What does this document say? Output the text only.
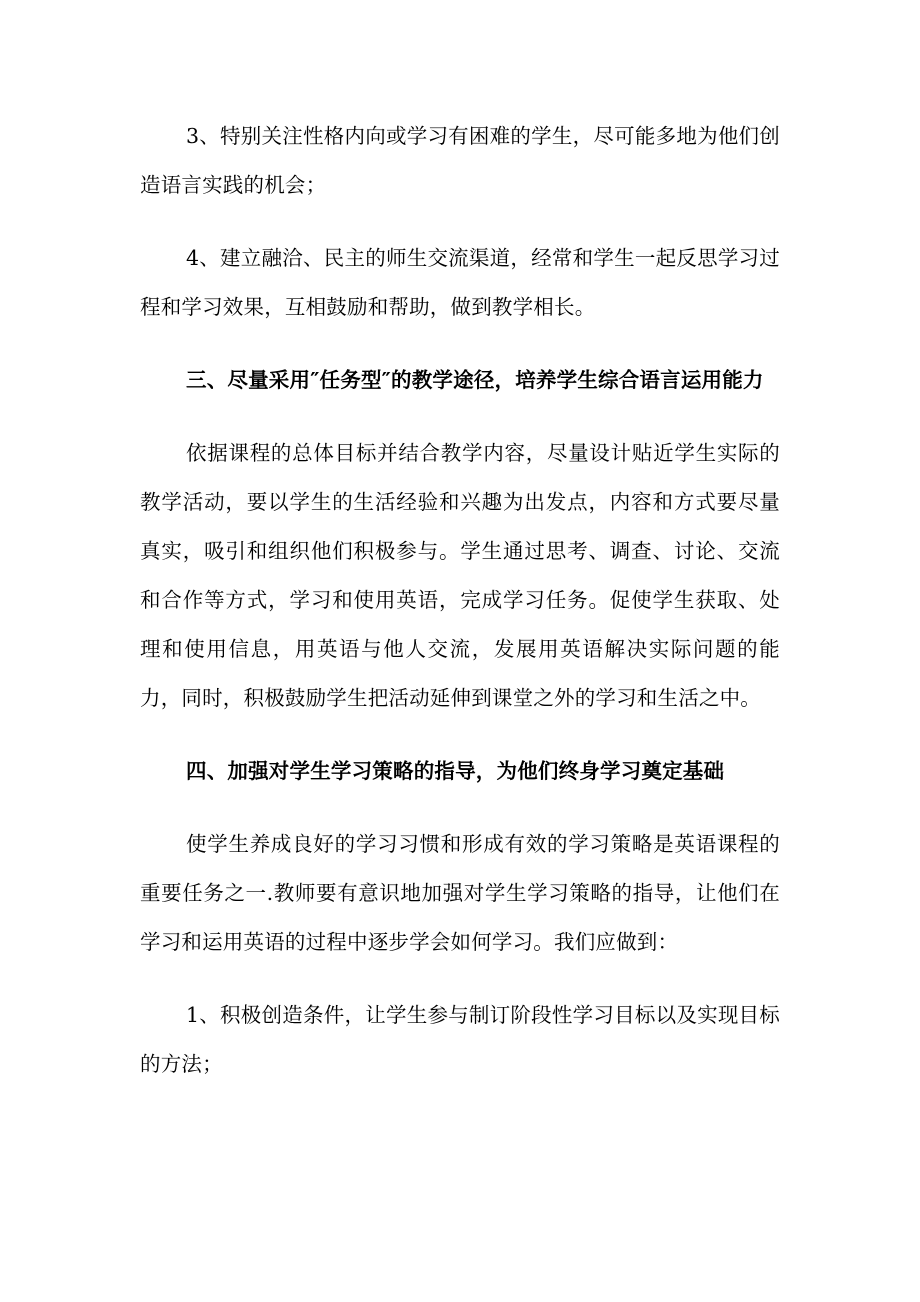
3、特别关注性格内向或学习有困难的学生，尽可能多地为他们创造语言实践的机会；

4、建立融洽、民主的师生交流渠道，经常和学生一起反思学习过程和学习效果，互相鼓励和帮助，做到教学相长。

三、尽量采用″任务型″的教学途径，培养学生综合语言运用能力

依据课程的总体目标并结合教学内容，尽量设计贴近学生实际的教学活动，要以学生的生活经验和兴趣为出发点，内容和方式要尽量真实，吸引和组织他们积极参与。学生通过思考、调查、讨论、交流和合作等方式，学习和使用英语，完成学习任务。促使学生获取、处理和使用信息，用英语与他人交流，发展用英语解决实际问题的能力，同时，积极鼓励学生把活动延伸到课堂之外的学习和生活之中。

四、加强对学生学习策略的指导，为他们终身学习奠定基础

使学生养成良好的学习习惯和形成有效的学习策略是英语课程的重要任务之一.教师要有意识地加强对学生学习策略的指导，让他们在学习和运用英语的过程中逐步学会如何学习。我们应做到：

1、积极创造条件，让学生参与制订阶段性学习目标以及实现目标的方法；
